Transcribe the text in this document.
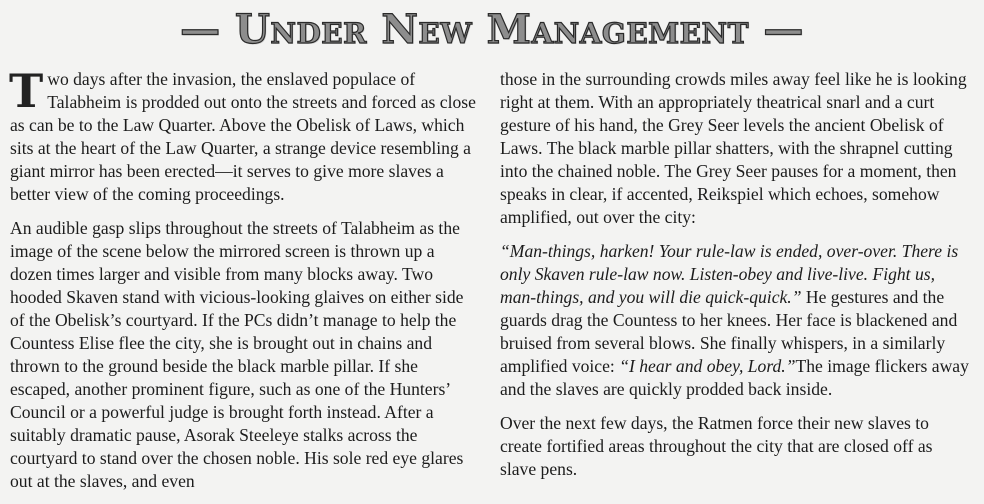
— Under New Management —

Two days after the invasion, the enslaved populace of Talabheim is prodded out onto the streets and forced as close as can be to the Law Quarter. Above the Obelisk of Laws, which sits at the heart of the Law Quarter, a strange device resembling a giant mirror has been erected—it serves to give more slaves a better view of the coming proceedings.

An audible gasp slips throughout the streets of Talabheim as the image of the scene below the mirrored screen is thrown up a dozen times larger and visible from many blocks away. Two hooded Skaven stand with vicious-looking glaives on either side of the Obelisk’s courtyard. If the PCs didn’t manage to help the Countess Elise flee the city, she is brought out in chains and thrown to the ground beside the black marble pillar. If she escaped, another prominent figure, such as one of the Hunters’ Council or a powerful judge is brought forth instead. After a suitably dramatic pause, Asorak Steeleye stalks across the courtyard to stand over the chosen noble. His sole red eye glares out at the slaves, and even

those in the surrounding crowds miles away feel like he is looking right at them. With an appropriately theatrical snarl and a curt gesture of his hand, the Grey Seer levels the ancient Obelisk of Laws. The black marble pillar shatters, with the shrapnel cutting into the chained noble. The Grey Seer pauses for a moment, then speaks in clear, if accented, Reikspiel which echoes, somehow amplified, out over the city:

“Man-things, harken! Your rule-law is ended, over-over. There is only Skaven rule-law now. Listen-obey and live-live. Fight us, man-things, and you will die quick-quick.” He gestures and the guards drag the Countess to her knees. Her face is blackened and bruised from several blows. She finally whispers, in a similarly amplified voice: “I hear and obey, Lord.”The image flickers away and the slaves are quickly prodded back inside.

Over the next few days, the Ratmen force their new slaves to create fortified areas throughout the city that are closed off as slave pens.
